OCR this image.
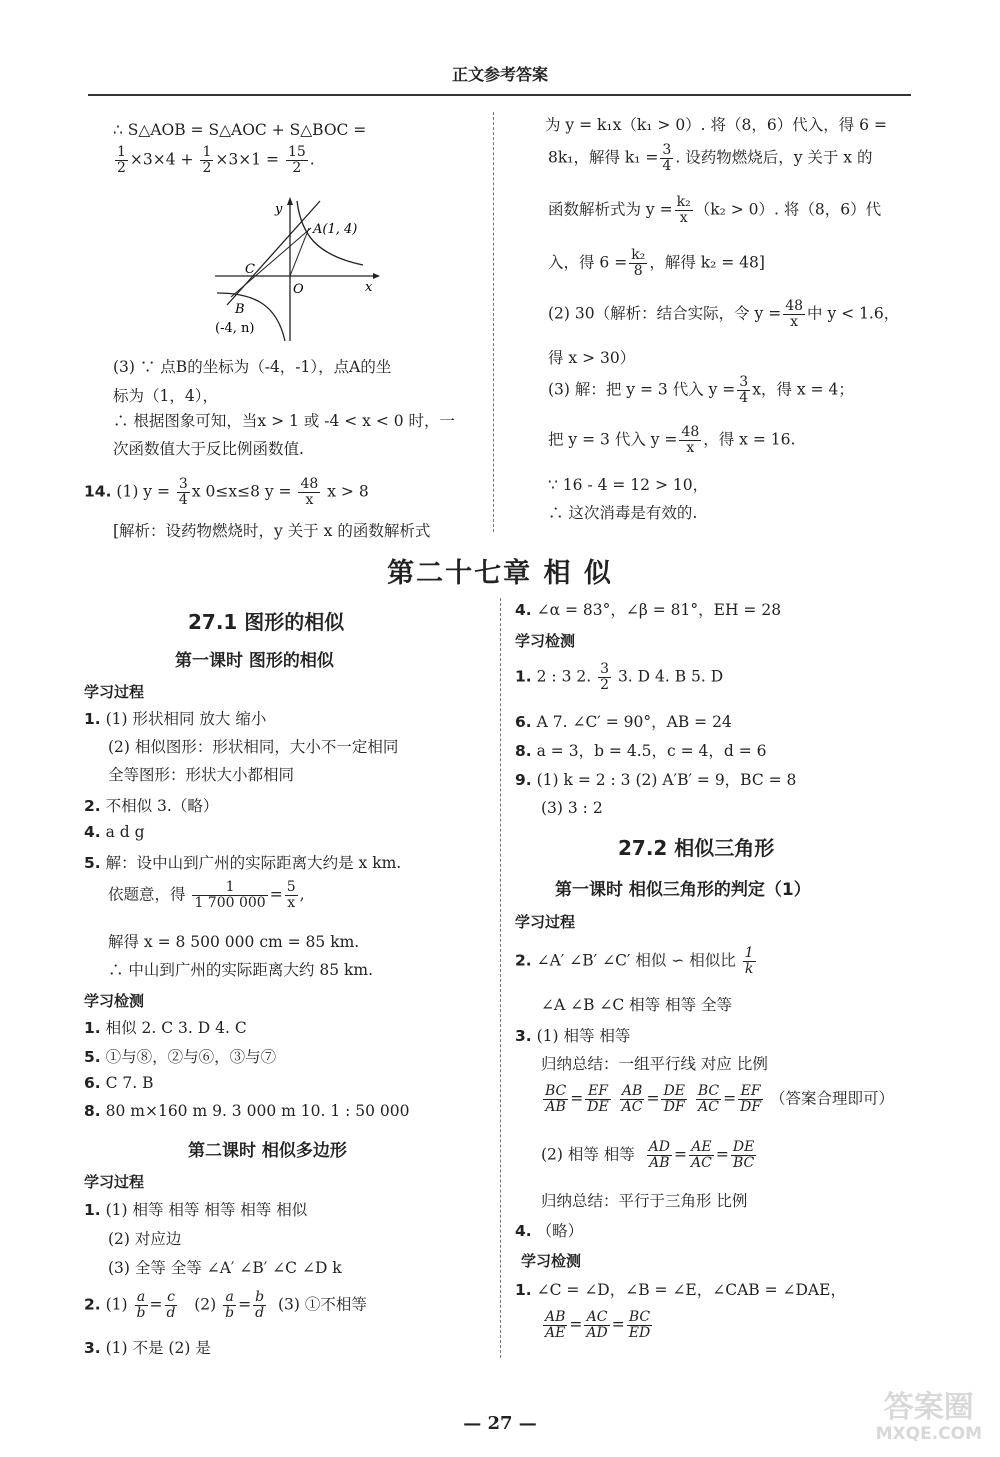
正文参考答案
∴ S△AOB = S△AOC + S△BOC =
$\frac{1}{2} \times 3\times 4 + \frac{1}{2} \times 3\times 1 = \frac{15}{2}$ .
y
x
O
C
A(1, 4)
B
(-4, n)
(3) ∵ 点B的坐标为（-4，-1），点A的坐
标为（1，4），
∴ 根据图象可知，当x > 1 或 -4 < x < 0 时，一
次函数值大于反比例函数值.
14. (1) $y = \frac{3}{4}$ x 0≤x≤8 $y = \frac{48}{x}$ x > 8
[解析：设药物燃烧时，y 关于 x 的函数解析式
为 y = k₁x（k₁ > 0）. 将（8，6）代入，得 6 =
8k₁，解得 $k_1 = \frac{3}{4}$ . 设药物燃烧后，y 关于 x 的
函数解析式为 $y = \frac{\text{k₂}}{x} (k_2 > 0)$. 将（8，6）代
入，得 $6 = \frac{\text{k₂}}{8}$ ，解得 k₂ = 48]
(2) 30（解析：结合实际，令 $y = \frac{48}{x}$ 中 y < 1.6，
得 x > 30）
(3) 解：把 y = 3 代入 $y = \frac{3}{4}$ x，得 x = 4；
把 y = 3 代入 $y = \frac{48}{x}$ ，得 x = 16.
∵ 16 - 4 = 12 > 10，
∴ 这次消毒是有效的.
第二十七章 相 似
27.1 图形的相似
第一课时 图形的相似
学习过程
1. (1) 形状相同 放大 缩小
(2) 相似图形：形状相同，大小不一定相同
全等图形：形状大小都相同
2. 不相似 3.（略）
4. a d g
5. 解：设中山到广州的实际距离大约是 x km.
依题意，得 $\frac{1}{1 700 000} = \frac{5}{x}$ ,
解得 x = 8 500 000 cm = 85 km.
∴ 中山到广州的实际距离大约 85 km.
学习检测
1. 相似 2. C 3. D 4. C
5. ①与⑧，②与⑥，③与⑦
6. C 7. B
8. 80 m×160 m 9. 3 000 m 10. 1 : 50 000
第二课时 相似多边形
学习过程
1. (1) 相等 相等 相等 相等 相似
(2) 对应边
(3) 全等 全等 ∠A′ ∠B′ ∠C ∠D k
2. $(1) \frac{a}{b} = \frac{c}{d} (2) \frac{a}{b} = \frac{b}{d} (3)$ ①不相等
3. (1) 不是 (2) 是
4. ∠α = 83°，∠β = 81°，EH = 28
学习检测
1. 2 : 3 2. $\frac{3}{2} 3$. D 4. B 5. D
6. A 7. ∠C′ = 90°，AB = 24
8. a = 3，b = 4.5，c = 4，d = 6
9. (1) k = 2 : 3 (2) A′B′ = 9，BC = 8
(3) 3 : 2
27.2 相似三角形
第一课时 相似三角形的判定（1）
学习过程
2. ∠A′ ∠B′ ∠C′ 相似 ∽ 相似比 $\frac{1}{k}$
∠A ∠B ∠C 相等 相等 全等
3. (1) 相等 相等
归纳总结：一组平行线 对应 比例
$\frac{BC}{AB} = \frac{EF}{DE}$
$\frac{AB}{AC} = \frac{DE}{DF}$
$\frac{BC}{AC} = \frac{EF}{DF}$ （答案合理即可）
(2) 相等 相等 $\frac{AD}{AB} = \frac{AE}{AC} = \frac{DE}{BC}$
归纳总结：平行于三角形 比例
4. （略）
学习检测
1. ∠C = ∠D，∠B = ∠E，∠CAB = ∠DAE，
$\frac{AB}{AE} = \frac{AC}{AD} = \frac{BC}{ED}$
— 27 —	答案圈
MXQE.COM
